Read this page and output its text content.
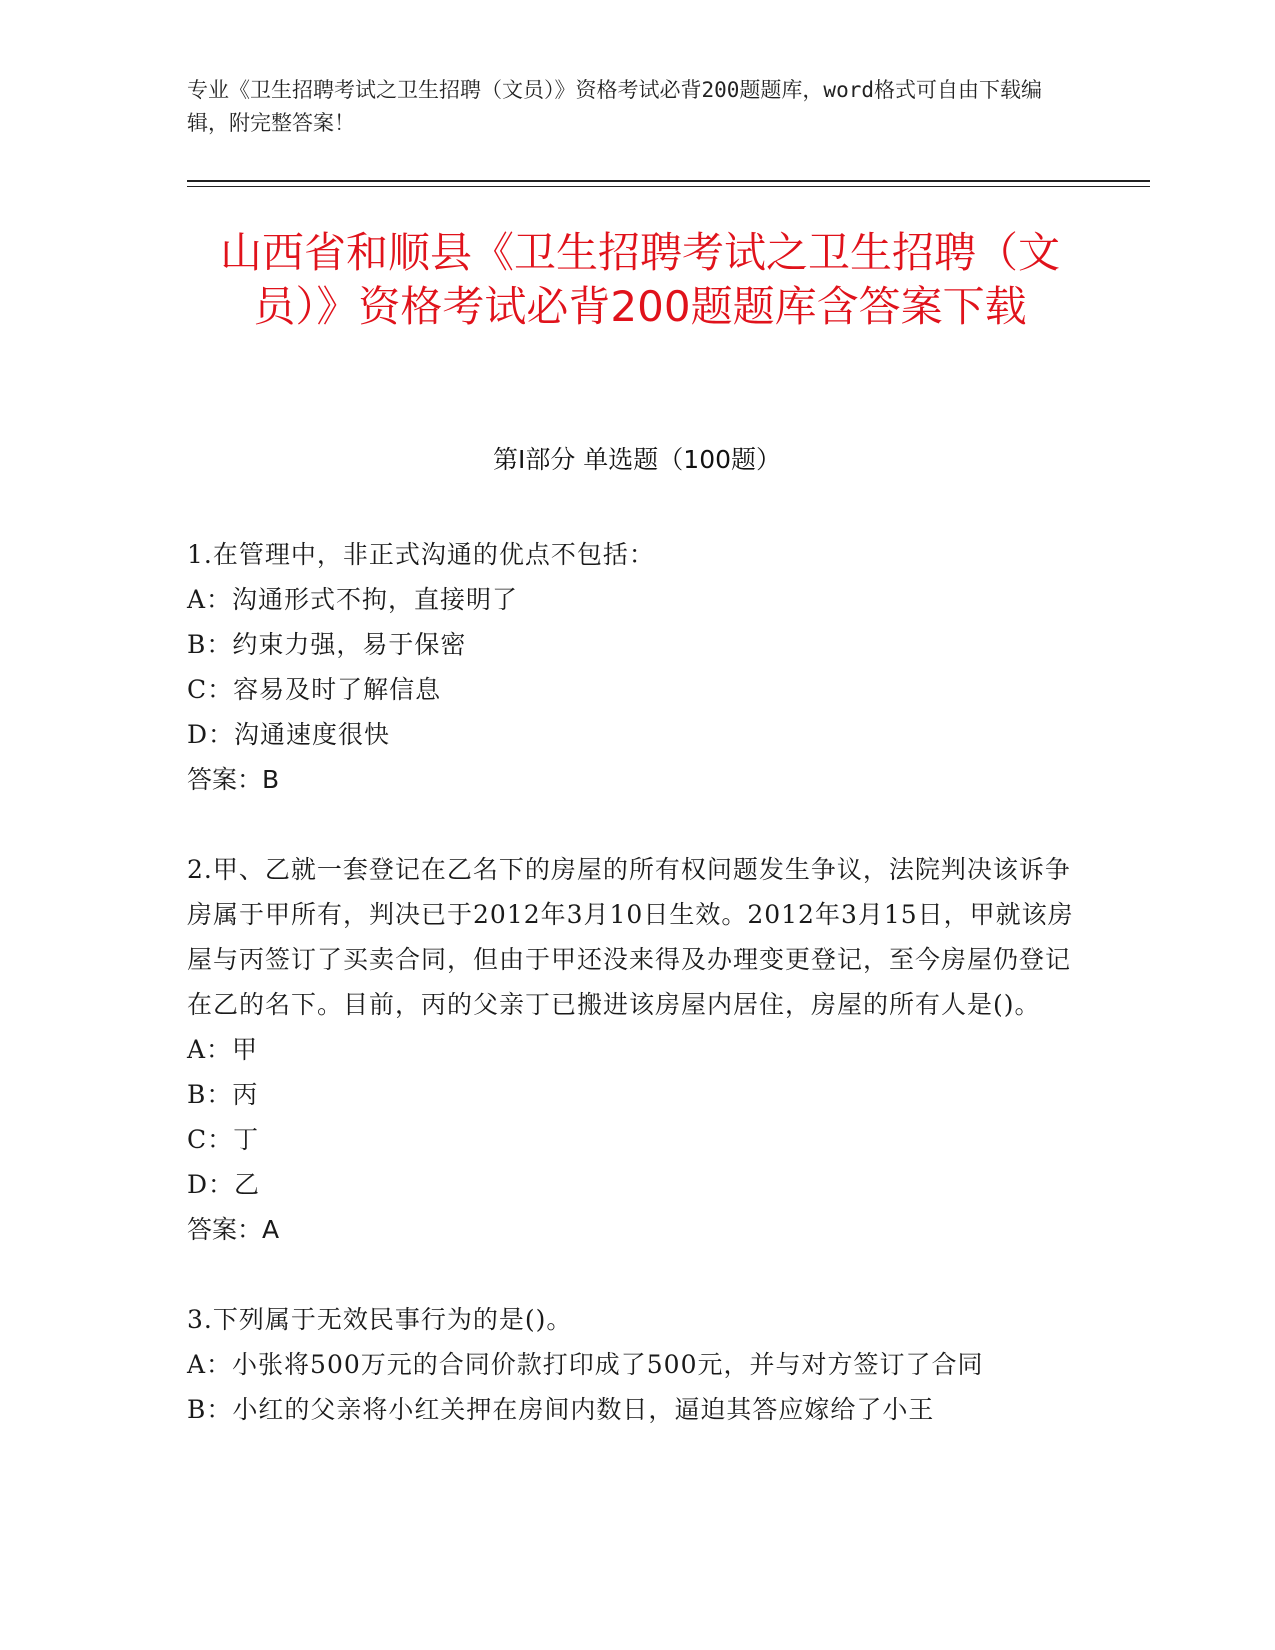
专业《卫生招聘考试之卫生招聘（文员）》资格考试必背200题题库，word格式可自由下载编辑，附完整答案！
山西省和顺县《卫生招聘考试之卫生招聘（文员）》资格考试必背200题题库含答案下载
第Ⅰ部分 单选题（100题）
1.在管理中，非正式沟通的优点不包括：
A：沟通形式不拘，直接明了
B：约束力强，易于保密
C：容易及时了解信息
D：沟通速度很快
答案：B
2.甲、乙就一套登记在乙名下的房屋的所有权问题发生争议，法院判决该诉争房属于甲所有，判决已于2012年3月10日生效。2012年3月15日，甲就该房屋与丙签订了买卖合同，但由于甲还没来得及办理变更登记，至今房屋仍登记在乙的名下。目前，丙的父亲丁已搬进该房屋内居住，房屋的所有人是()。
A：甲
B：丙
C：丁
D：乙
答案：A
3.下列属于无效民事行为的是()。
A：小张将500万元的合同价款打印成了500元，并与对方签订了合同
B：小红的父亲将小红关押在房间内数日，逼迫其答应嫁给了小王
